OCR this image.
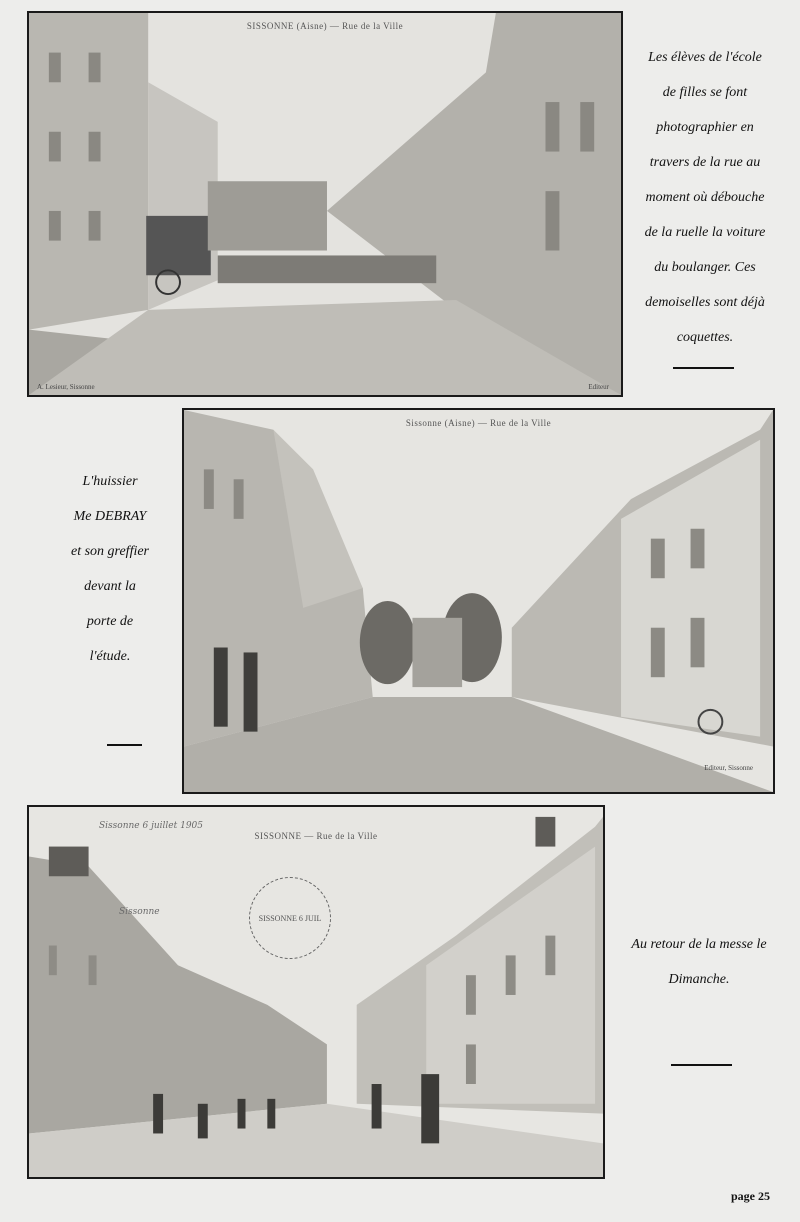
SISSONNE (Aisne) — Rue de la Ville
A. Lesieur, Sissonne	Editeur
Les élèves de l'école
de filles se font
photographier en
travers de la rue au
moment où débouche
de la ruelle la voiture
du boulanger. Ces
demoiselles sont déjà
coquettes.
Sissonne (Aisne) — Rue de la Ville
Editeur, Sissonne
L'huissier
Me DEBRAY
et son greffier
devant la
porte de
l'étude.
SISSONNE — Rue de la Ville
Sissonne 6 juillet 1905
Sissonne
SISSONNE 6 JUIL
Au retour de la messe le
Dimanche.
page 25
